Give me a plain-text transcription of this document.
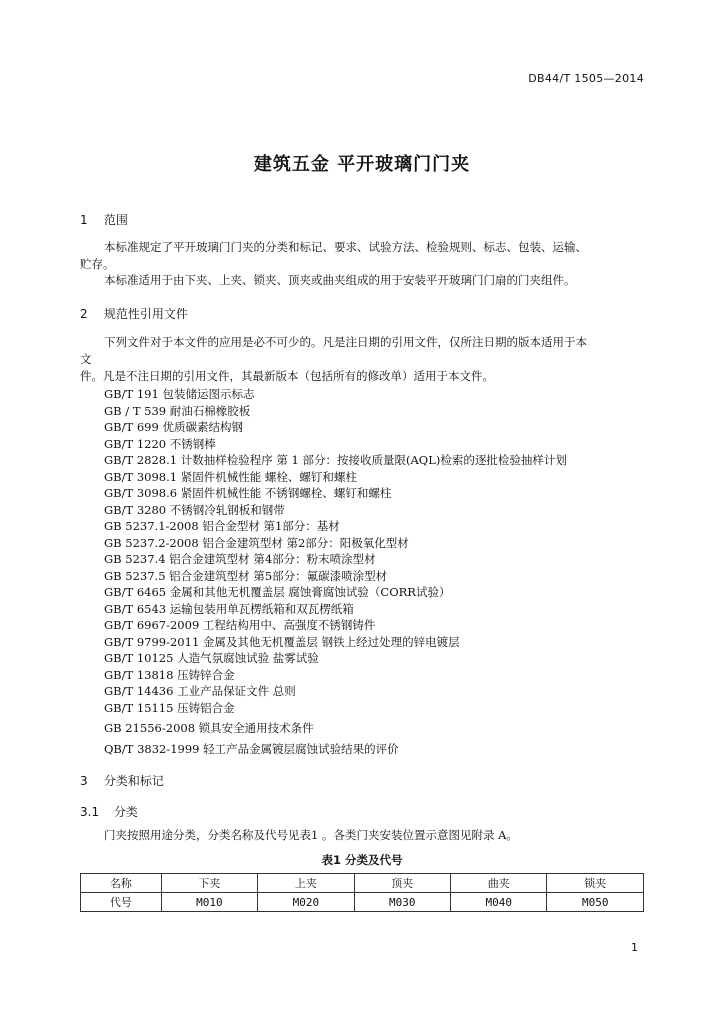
DB44/T 1505—2014
建筑五金 平开玻璃门门夹
1 范围
本标准规定了平开玻璃门门夹的分类和标记、要求、试验方法、检验规则、标志、包装、运输、
贮存。
本标准适用于由下夹、上夹、锁夹、顶夹或曲夹组成的用于安装平开玻璃门门扇的门夹组件。
2 规范性引用文件
下列文件对于本文件的应用是必不可少的。凡是注日期的引用文件，仅所注日期的版本适用于本
文
件。凡是不注日期的引用文件，其最新版本（包括所有的修改单）适用于本文件。
GB/T 191 包装储运图示标志
GB / T 539 耐油石棉橡胶板
GB/T 699 优质碳素结构钢
GB/T 1220 不锈钢棒
GB/T 2828.1 计数抽样检验程序 第 1 部分：按接收质量限(AQL)检索的逐批检验抽样计划
GB/T 3098.1 紧固件机械性能 螺栓、螺钉和螺柱
GB/T 3098.6 紧固件机械性能 不锈钢螺栓、螺钉和螺柱
GB/T 3280 不锈钢冷轧钢板和钢带
GB 5237.1-2008 铝合金型材 第1部分：基材
GB 5237.2-2008 铝合金建筑型材 第2部分：阳极氧化型材
GB 5237.4 铝合金建筑型材 第4部分：粉末喷涂型材
GB 5237.5 铝合金建筑型材 第5部分：氟碳漆喷涂型材
GB/T 6465 金属和其他无机覆盖层 腐蚀膏腐蚀试验（CORR试验）
GB/T 6543 运输包装用单瓦楞纸箱和双瓦楞纸箱
GB/T 6967-2009 工程结构用中、高强度不锈钢铸件
GB/T 9799-2011 金属及其他无机覆盖层 钢铁上经过处理的锌电镀层
GB/T 10125 人造气氛腐蚀试验 盐雾试验
GB/T 13818 压铸锌合金
GB/T 14436 工业产品保证文件 总则
GB/T 15115 压铸铝合金
GB 21556-2008 锁具安全通用技术条件
QB/T 3832-1999 轻工产品金属镀层腐蚀试验结果的评价
3 分类和标记
3.1 分类
门夹按照用途分类，分类名称及代号见表1 。各类门夹安装位置示意图见附录 A。
表1 分类及代号
名称	下夹	上夹	顶夹	曲夹	锁夹
代号	M010	M020	M030	M040	M050
1
